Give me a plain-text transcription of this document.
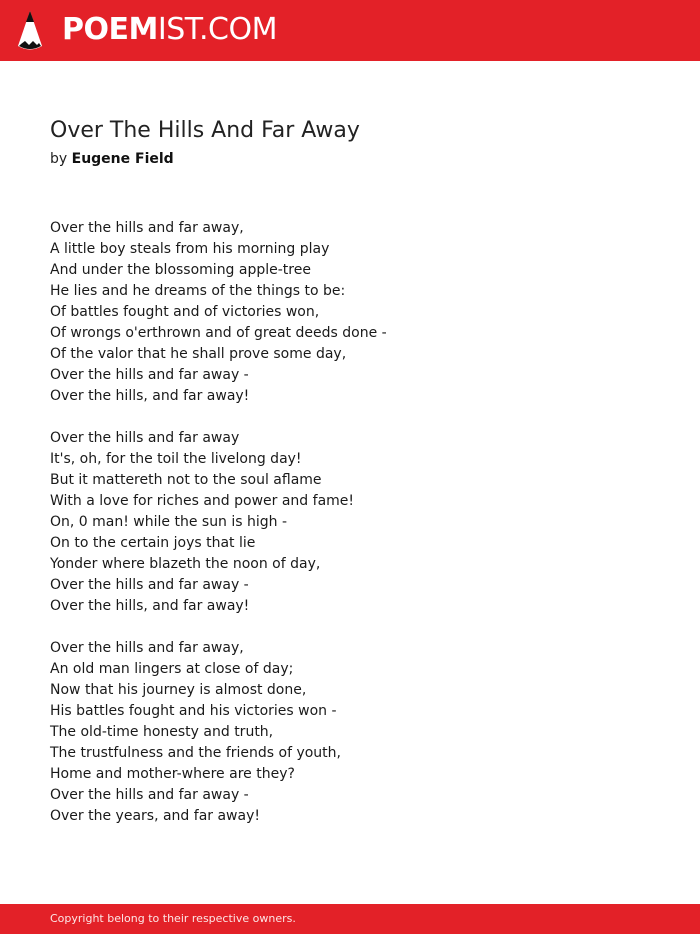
POEMIST.COM
Over The Hills And Far Away
by Eugene Field
Over the hills and far away,
A little boy steals from his morning play
And under the blossoming apple-tree
He lies and he dreams of the things to be:
Of battles fought and of victories won,
Of wrongs o'erthrown and of great deeds done -
Of the valor that he shall prove some day,
Over the hills and far away -
Over the hills, and far away!
Over the hills and far away
It's, oh, for the toil the livelong day!
But it mattereth not to the soul aflame
With a love for riches and power and fame!
On, 0 man! while the sun is high -
On to the certain joys that lie
Yonder where blazeth the noon of day,
Over the hills and far away -
Over the hills, and far away!
Over the hills and far away,
An old man lingers at close of day;
Now that his journey is almost done,
His battles fought and his victories won -
The old-time honesty and truth,
The trustfulness and the friends of youth,
Home and mother-where are they?
Over the hills and far away -
Over the years, and far away!
Copyright belong to their respective owners.
